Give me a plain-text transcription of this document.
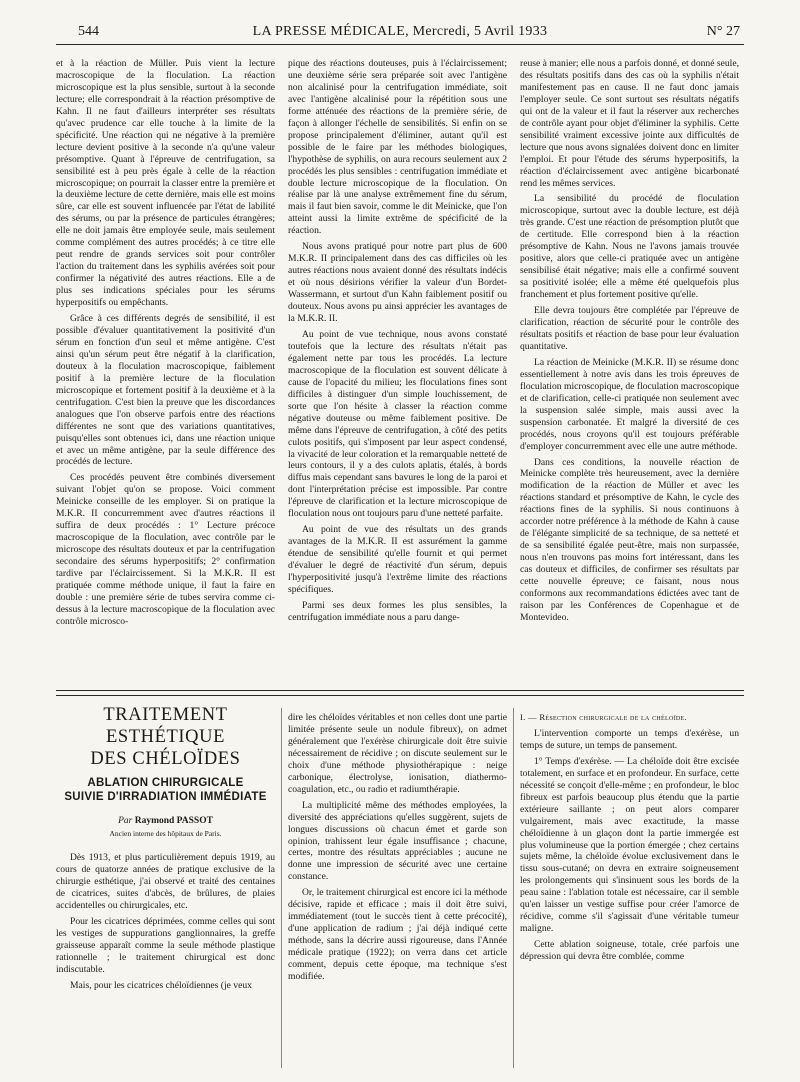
544	LA PRESSE MÉDICALE, Mercredi, 5 Avril 1933	N° 27

et à la réaction de Müller. Puis vient la lecture macroscopique de la floculation. La réaction microscopique est la plus sensible, surtout à la seconde lecture; elle correspondrait à la réaction présomptive de Kahn. Il ne faut d'ailleurs interpréter ses résultats qu'avec prudence car elle touche à la limite de la spécificité. Une réaction qui ne négative à la première lecture devient positive à la seconde n'a qu'une valeur présomptive. Quant à l'épreuve de centrifugation, sa sensibilité est à peu près égale à celle de la réaction microscopique; on pourrait la classer entre la première et la deuxième lecture de cette dernière, mais elle est moins sûre, car elle est souvent influencée par l'état de labilité des sérums, ou par la présence de particules étrangères; elle ne doit jamais être employée seule, mais seulement comme complément des autres procédés; à ce titre elle peut rendre de grands services soit pour contrôler l'action du traitement dans les syphilis avérées soit pour confirmer la négativité des autres réactions. Elle a de plus ses indications spéciales pour les sérums hyperpositifs ou empêchants.

Grâce à ces différents degrés de sensibilité, il est possible d'évaluer quantitativement la positivité d'un sérum en fonction d'un seul et même antigène. C'est ainsi qu'un sérum peut être négatif à la clarification, douteux à la floculation macroscopique, faiblement positif à la première lecture de la floculation microscopique et fortement positif à la deuxième et à la centrifugation. C'est bien la preuve que les discordances analogues que l'on observe parfois entre des réactions différentes ne sont que des variations quantitatives, puisqu'elles sont obtenues ici, dans une réaction unique et avec un même antigène, par la seule différence des procédés de lecture.

Ces procédés peuvent être combinés diversement suivant l'objet qu'on se propose. Voici comment Meinicke conseille de les employer. Si on pratique la M.K.R. II concurremment avec d'autres réactions il suffira de deux procédés : 1° Lecture précoce macroscopique de la floculation, avec contrôle par le microscope des résultats douteux et par la centrifugation secondaire des sérums hyperpositifs; 2° confirmation tardive par l'éclaircissement. Si la M.K.R. II est pratiquée comme méthode unique, il faut la faire en double : une première série de tubes servira comme ci-dessus à la lecture macroscopique de la floculation avec contrôle microsco-

pique des réactions douteuses, puis à l'éclaircissement; une deuxième série sera préparée soit avec l'antigène non alcalinisé pour la centrifugation immédiate, soit avec l'antigène alcalinisé pour la répétition sous une forme atténuée des réactions de la première série, de façon à allonger l'échelle de sensibilités. Si enfin on se propose principalement d'éliminer, autant qu'il est possible de le faire par les méthodes biologiques, l'hypothèse de syphilis, on aura recours seulement aux 2 procédés les plus sensibles : centrifugation immédiate et double lecture microscopique de la floculation. On réalise par là une analyse extrêmement fine du sérum, mais il faut bien savoir, comme le dit Meinicke, que l'on atteint aussi la limite extrême de spécificité de la réaction.

Nous avons pratiqué pour notre part plus de 600 M.K.R. II principalement dans des cas difficiles où les autres réactions nous avaient donné des résultats indécis et où nous désirions vérifier la valeur d'un Bordet-Wassermann, et surtout d'un Kahn faiblement positif ou douteux. Nous avons pu ainsi apprécier les avantages de la M.K.R. II.

Au point de vue technique, nous avons constaté toutefois que la lecture des résultats n'était pas également nette par tous les procédés. La lecture macroscopique de la floculation est souvent délicate à cause de l'opacité du milieu; les floculations fines sont difficiles à distinguer d'un simple louchissement, de sorte que l'on hésite à classer la réaction comme négative douteuse ou même faiblement positive. De même dans l'épreuve de centrifugation, à côté des petits culots positifs, qui s'imposent par leur aspect condensé, la vivacité de leur coloration et la remarquable netteté de leurs contours, il y a des culots aplatis, étalés, à bords diffus mais cependant sans bavures le long de la paroi et dont l'interprétation précise est impossible. Par contre l'épreuve de clarification et la lecture microscopique de floculation nous ont toujours paru d'une netteté parfaite.

Au point de vue des résultats un des grands avantages de la M.K.R. II est assurément la gamme étendue de sensibilité qu'elle fournit et qui permet d'évaluer le degré de réactivité d'un sérum, depuis l'hyperpositivité jusqu'à l'extrême limite des réactions spécifiques.

Parmi ses deux formes les plus sensibles, la centrifugation immédiate nous a paru dange-

reuse à manier; elle nous a parfois donné, et donné seule, des résultats positifs dans des cas où la syphilis n'était manifestement pas en cause. Il ne faut donc jamais l'employer seule. Ce sont surtout ses résultats négatifs qui ont de la valeur et il faut la réserver aux recherches de contrôle ayant pour objet d'éliminer la syphilis. Cette sensibilité vraiment excessive jointe aux difficultés de lecture que nous avons signalées doivent donc en limiter l'emploi. Et pour l'étude des sérums hyperpositifs, la réaction d'éclaircissement avec antigène bicarbonaté rend les mêmes services.

La sensibilité du procédé de floculation microscopique, surtout avec la double lecture, est déjà très grande. C'est une réaction de présomption plutôt que de certitude. Elle correspond bien à la réaction présomptive de Kahn. Nous ne l'avons jamais trouvée positive, alors que celle-ci pratiquée avec un antigène sensibilisé était négative; mais elle a confirmé souvent sa positivité isolée; elle a même été quelquefois plus franchement et plus fortement positive qu'elle.

Elle devra toujours être complétée par l'épreuve de clarification, réaction de sécurité pour le contrôle des résultats positifs et réaction de base pour leur évaluation quantitative.

La réaction de Meinicke (M.K.R. II) se résume donc essentiellement à notre avis dans les trois épreuves de floculation microscopique, de floculation macroscopique et de clarification, celle-ci pratiquée non seulement avec la suspension salée simple, mais aussi avec la suspension carbonatée. Et malgré la diversité de ces procédés, nous croyons qu'il est toujours préférable d'employer concurremment avec elle une autre méthode.

Dans ces conditions, la nouvelle réaction de Meinicke complète très heureusement, avec la dernière modification de la réaction de Müller et avec les réactions standard et présomptive de Kahn, le cycle des réactions fines de la syphilis. Si nous continuons à accorder notre préférence à la méthode de Kahn à cause de l'élégante simplicité de sa technique, de sa netteté et de sa sensibilité égalée peut-être, mais non surpassée, nous n'en trouvons pas moins fort intéressant, dans les cas douteux et difficiles, de confirmer ses résultats par cette nouvelle épreuve; ce faisant, nous nous conformons aux recommandations édictées avec tant de raison par les Conférences de Copenhague et de Montevideo.

TRAITEMENT ESTHÉTIQUE
DES CHÉLOÏDES
ABLATION CHIRURGICALE
SUIVIE D'IRRADIATION IMMÉDIATE
Par Raymond PASSOT
Ancien interne des hôpitaux de Paris.

Dès 1913, et plus particulièrement depuis 1919, au cours de quatorze années de pratique exclusive de la chirurgie esthétique, j'ai observé et traité des centaines de cicatrices, suites d'abcès, de brûlures, de plaies accidentelles ou chirurgicales, etc.

Pour les cicatrices déprimées, comme celles qui sont les vestiges de suppurations ganglionnaires, la greffe graisseuse apparaît comme la seule méthode plastique rationnelle ; le traitement chirurgical est donc indiscutable.

Mais, pour les cicatrices chéloïdiennes (je veux

dire les chéloïdes véritables et non celles dont une partie limitée présente seule un nodule fibreux), on admet généralement que l'exérèse chirurgicale doit être suivie nécessairement de récidive ; on discute seulement sur le choix d'une méthode physiothérapique : neige carbonique, électrolyse, ionisation, diathermo-coagulation, etc., ou radio et radiumthérapie.

La multiplicité même des méthodes employées, la diversité des appréciations qu'elles suggèrent, sujets de longues discussions où chacun émet et garde son opinion, trahissent leur égale insuffisance ; chacune, certes, montre des résultats appréciables ; aucune ne donne une impression de sécurité avec une certaine constance.

Or, le traitement chirurgical est encore ici la méthode décisive, rapide et efficace ; mais il doit être suivi, immédiatement (tout le succès tient à cette précocité), d'une application de radium ; j'ai déjà indiqué cette méthode, sans la décrire aussi rigoureuse, dans l'Année médicale pratique (1922); on verra dans cet article comment, depuis cette époque, ma technique s'est modifiée.

I. — Résection chirurgicale de la chéloïde.

L'intervention comporte un temps d'exérèse, un temps de suture, un temps de pansement.

1° Temps d'exérèse. — La chéloïde doit être excisée totalement, en surface et en profondeur. En surface, cette nécessité se conçoit d'elle-même ; en profondeur, le bloc fibreux est parfois beaucoup plus étendu que la partie extérieure saillante ; on peut alors comparer vulgairement, mais avec exactitude, la masse chéloïdienne à un glaçon dont la partie immergée est plus volumineuse que la portion émergée ; chez certains sujets même, la chéloïde évolue exclusivement dans le tissu sous-cutané; on devra en extraire soigneusement les prolongements qui s'insinuent sous les bords de la peau saine : l'ablation totale est nécessaire, car il semble qu'en laisser un vestige suffise pour créer l'amorce de récidive, comme s'il s'agissait d'une véritable tumeur maligne.

Cette ablation soigneuse, totale, crée parfois une dépression qui devra être comblée, comme
